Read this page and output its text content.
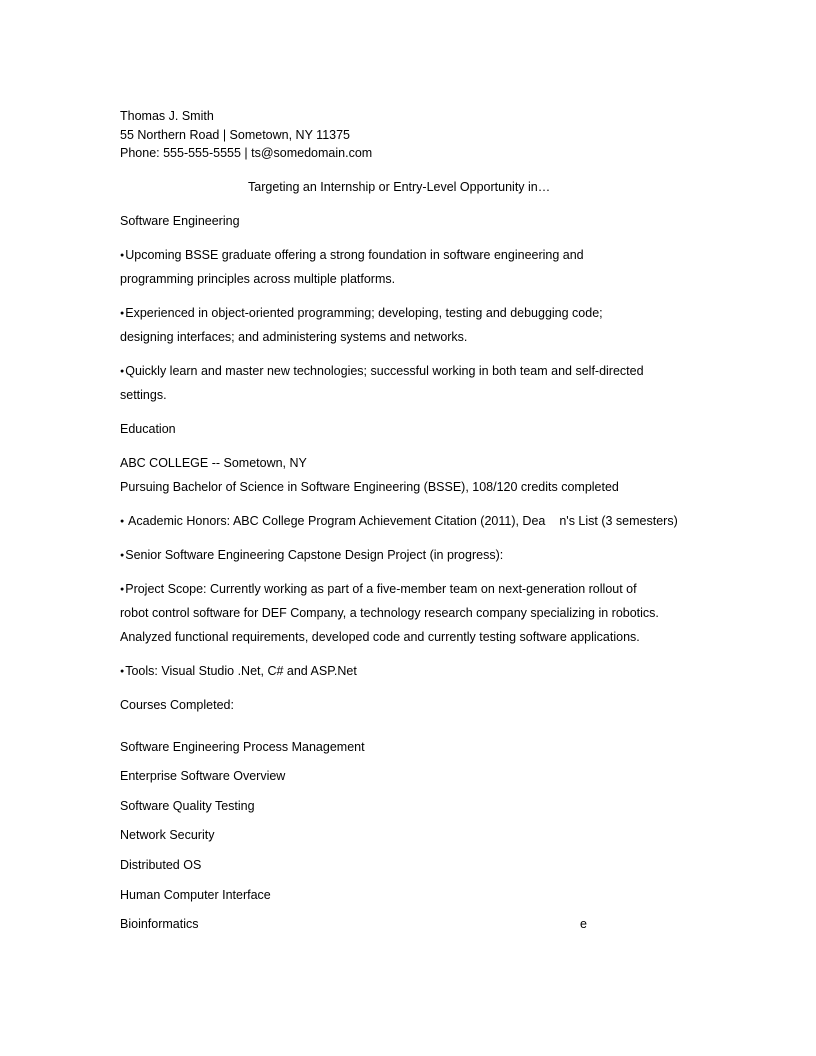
Thomas J. Smith
55 Northern Road | Sometown, NY 11375
Phone: 555-555-5555 | ts@somedomain.com
Targeting an Internship or Entry-Level Opportunity in…
Software Engineering
● Upcoming BSSE graduate offering a strong foundation in software engineering and
programming principles across multiple platforms.
● Experienced in object-oriented programming; developing, testing and debugging code;
designing interfaces; and administering systems and networks.
● Quickly learn and master new technologies; successful working in both team and self-directed
settings.
Education
ABC COLLEGE -- Sometown, NY
Pursuing Bachelor of Science in Software Engineering (BSSE), 108/120 credits completed
● Academic Honors: ABC College Program Achievement Citation (2011), Dea n's List (3 semesters)
● Senior Software Engineering Capstone Design Project (in progress):
● Project Scope: Currently working as part of a five-member team on next-generation rollout of
robot control software for DEF Company, a technology research company specializing in robotics.
Analyzed functional requirements, developed code and currently testing software applications.
● Tools: Visual Studio .Net, C# and ASP.Net
Courses Completed:
Software Engineering Process Management
Enterprise Software Overview
Software Quality Testing
Network Security
Distributed OS
Human Computer Interface
Bioinformatics	e
